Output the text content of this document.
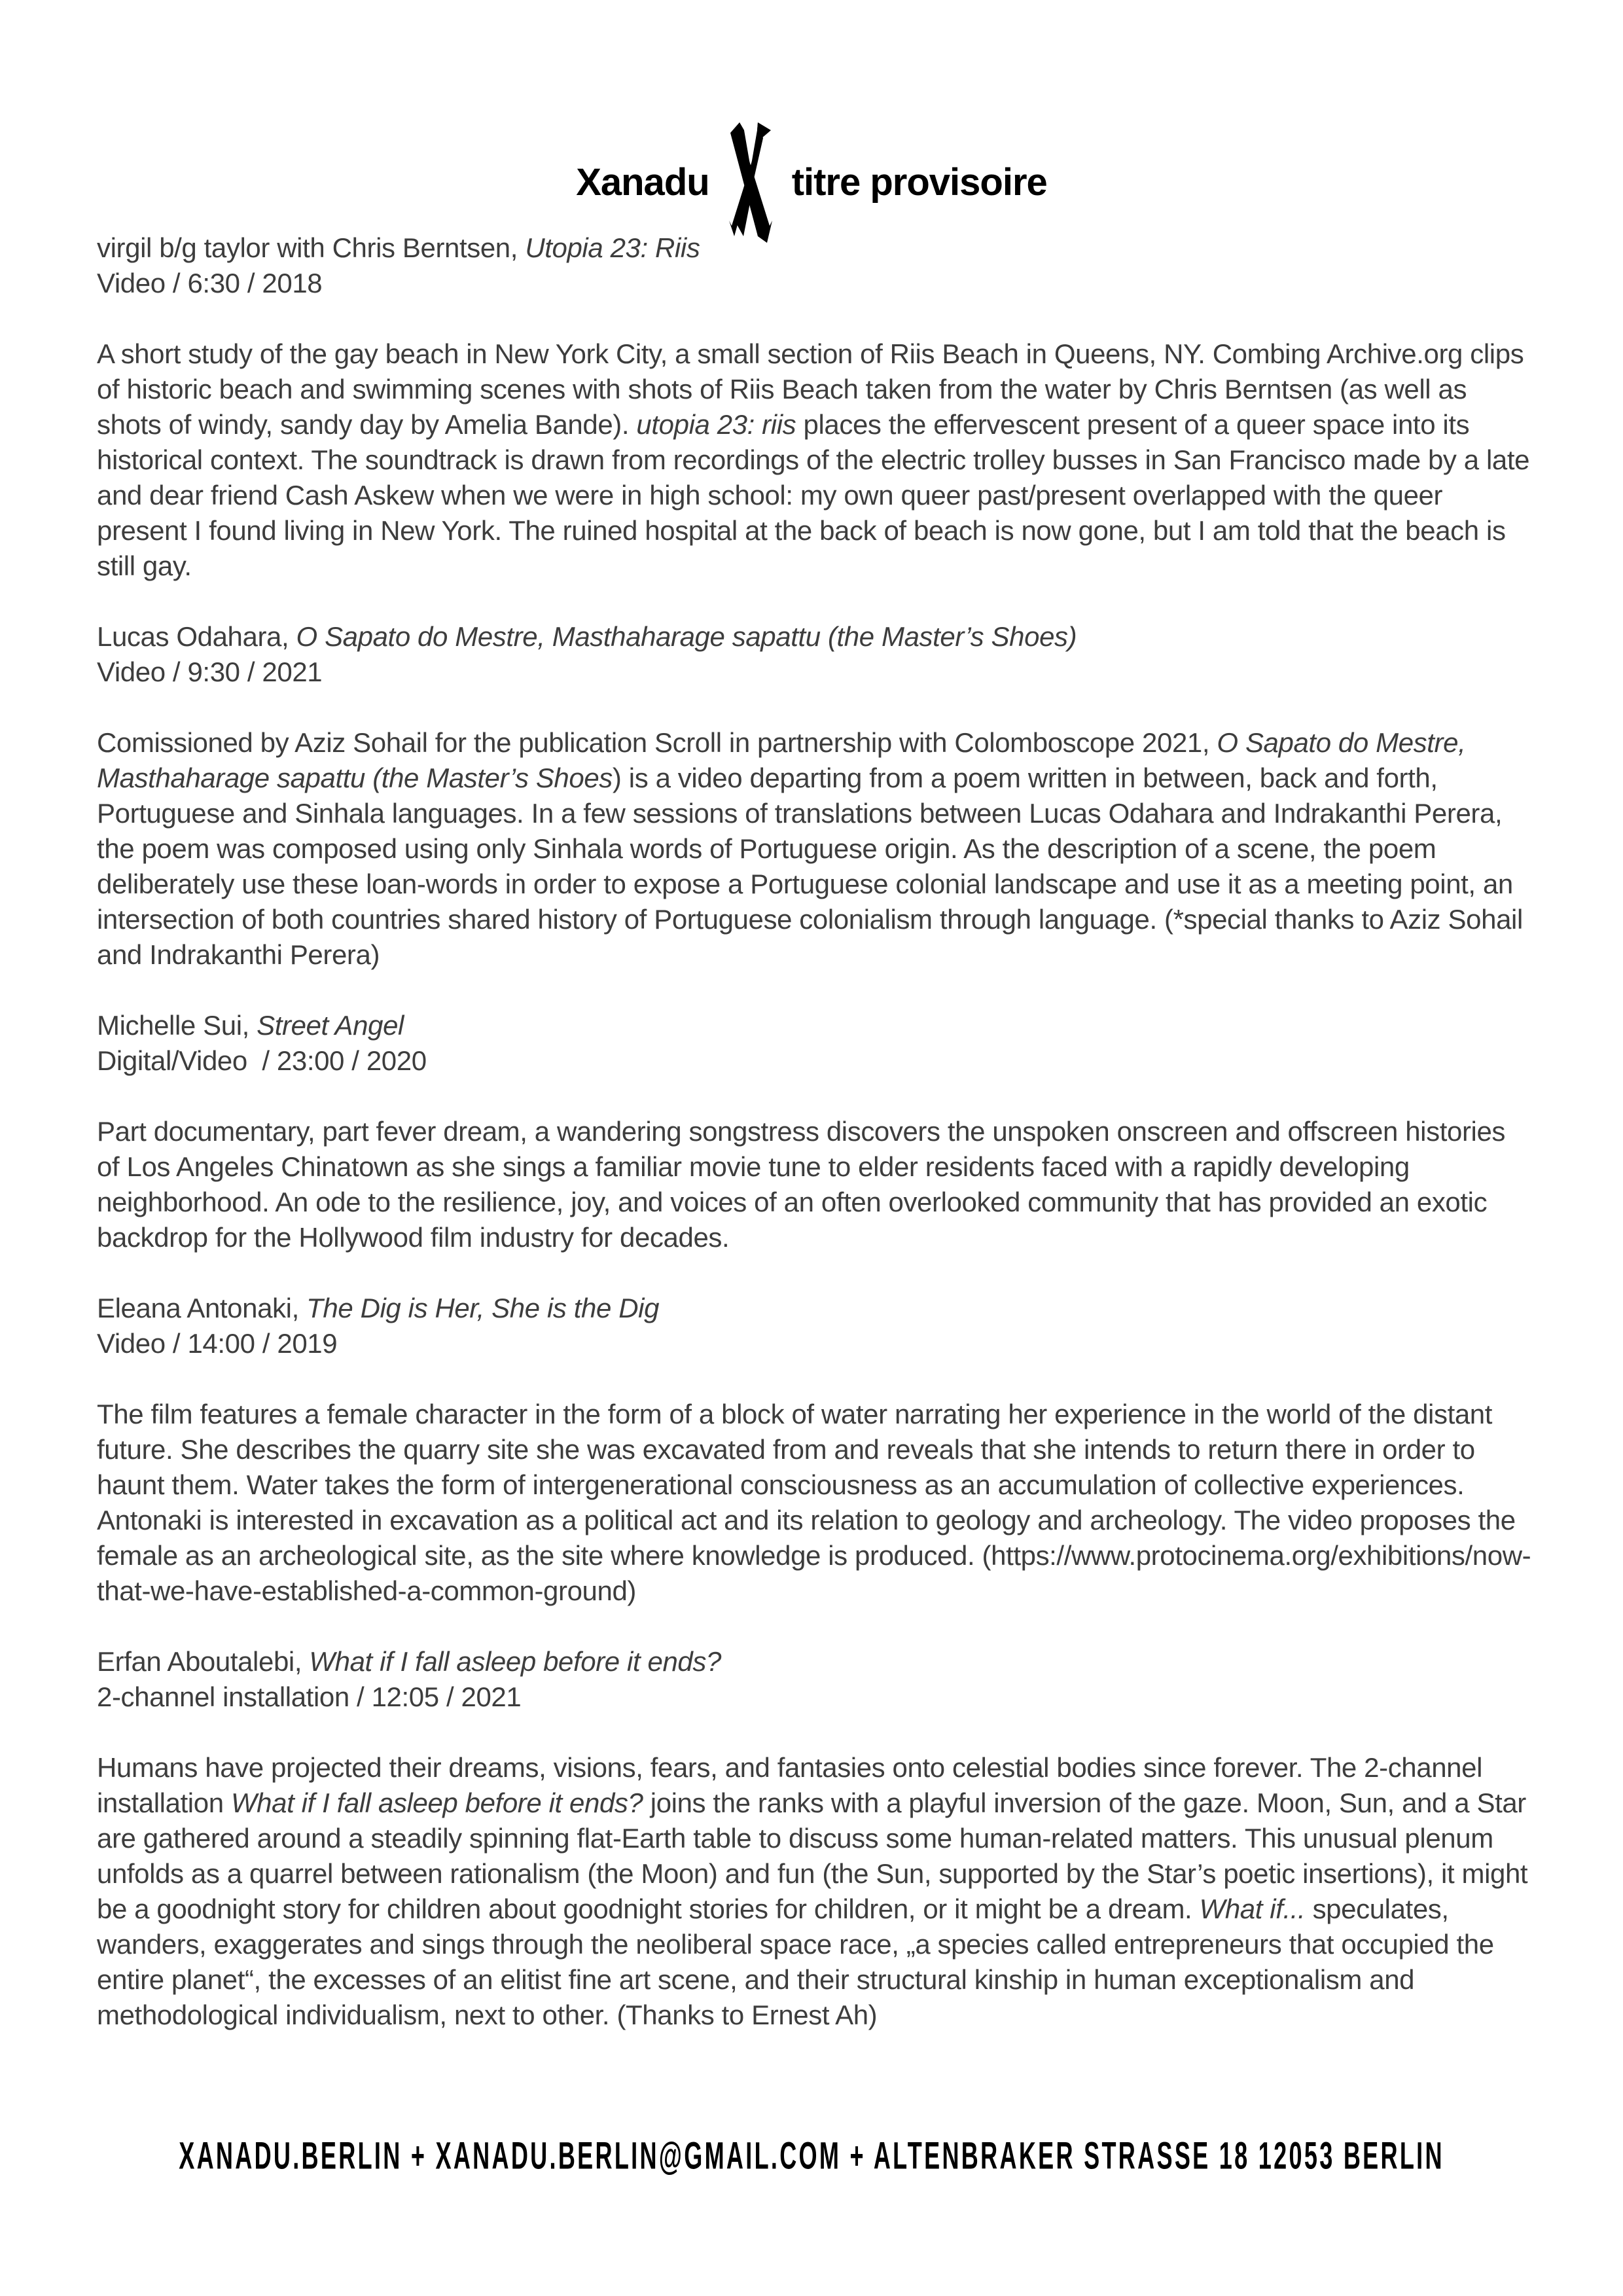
Xanadu titre provisoire

virgil b/g taylor with Chris Berntsen, Utopia 23: Riis

Video / 6:30 / 2018

A short study of the gay beach in New York City, a small section of Riis Beach in Queens, NY. Combing Archive.org clips of historic beach and swimming scenes with shots of Riis Beach taken from the water by Chris Berntsen (as well as shots of windy, sandy day by Amelia Bande). utopia 23: riis places the effervescent present of a queer space into its historical context. The soundtrack is drawn from recordings of the electric trolley busses in San Francisco made by a late and dear friend Cash Askew when we were in high school: my own queer past/present overlapped with the queer present I found living in New York. The ruined hospital at the back of beach is now gone, but I am told that the beach is still gay.

Lucas Odahara, O Sapato do Mestre, Masthaharage sapattu (the Master’s Shoes)

Video / 9:30 / 2021

Comissioned by Aziz Sohail for the publication Scroll in partnership with Colomboscope 2021, O Sapato do Mestre, Masthaharage sapattu (the Master’s Shoes) is a video departing from a poem written in between, back and forth, Portuguese and Sinhala languages. In a few sessions of translations between Lucas Odahara and Indrakanthi Perera, the poem was composed using only Sinhala words of Portuguese origin. As the description of a scene, the poem deliberately use these loan-words in order to expose a Portuguese colonial landscape and use it as a meeting point, an intersection of both countries shared history of Portuguese colonialism through language. (*special thanks to Aziz Sohail and Indrakanthi Perera)

Michelle Sui, Street Angel

Digital/Video  / 23:00 / 2020

Part documentary, part fever dream, a wandering songstress discovers the unspoken onscreen and offscreen histories of Los Angeles Chinatown as she sings a familiar movie tune to elder residents faced with a rapidly developing neighborhood. An ode to the resilience, joy, and voices of an often overlooked community that has provided an exotic backdrop for the Hollywood film industry for decades.

Eleana Antonaki, The Dig is Her, She is the Dig

Video / 14:00 / 2019

The film features a female character in the form of a block of water narrating her experience in the world of the distant future. She describes the quarry site she was excavated from and reveals that she intends to return there in order to haunt them. Water takes the form of intergenerational consciousness as an accumulation of collective experiences. Antonaki is interested in excavation as a political act and its relation to geology and archeology. The video proposes the female as an archeological site, as the site where knowledge is produced. (https://www.protocinema.org/exhibitions/now-that-we-have-established-a-common-ground)

Erfan Aboutalebi, What if I fall asleep before it ends?

2-channel installation / 12:05 / 2021

Humans have projected their dreams, visions, fears, and fantasies onto celestial bodies since forever. The 2-channel installation What if I fall asleep before it ends? joins the ranks with a playful inversion of the gaze. Moon, Sun, and a Star are gathered around a steadily spinning flat-Earth table to discuss some human-related matters. This unusual plenum unfolds as a quarrel between rationalism (the Moon) and fun (the Sun, supported by the Star’s poetic insertions), it might be a goodnight story for children about goodnight stories for children, or it might be a dream. What if... speculates, wanders, exaggerates and sings through the neoliberal space race, „a species called entrepreneurs that occupied the entire planet“, the excesses of an elitist fine art scene, and their structural kinship in human exceptionalism and methodological individualism, next to other. (Thanks to Ernest Ah)

XANADU.BERLIN + XANADU.BERLIN@GMAIL.COM + ALTENBRAKER STRASSE 18 12053 BERLIN
